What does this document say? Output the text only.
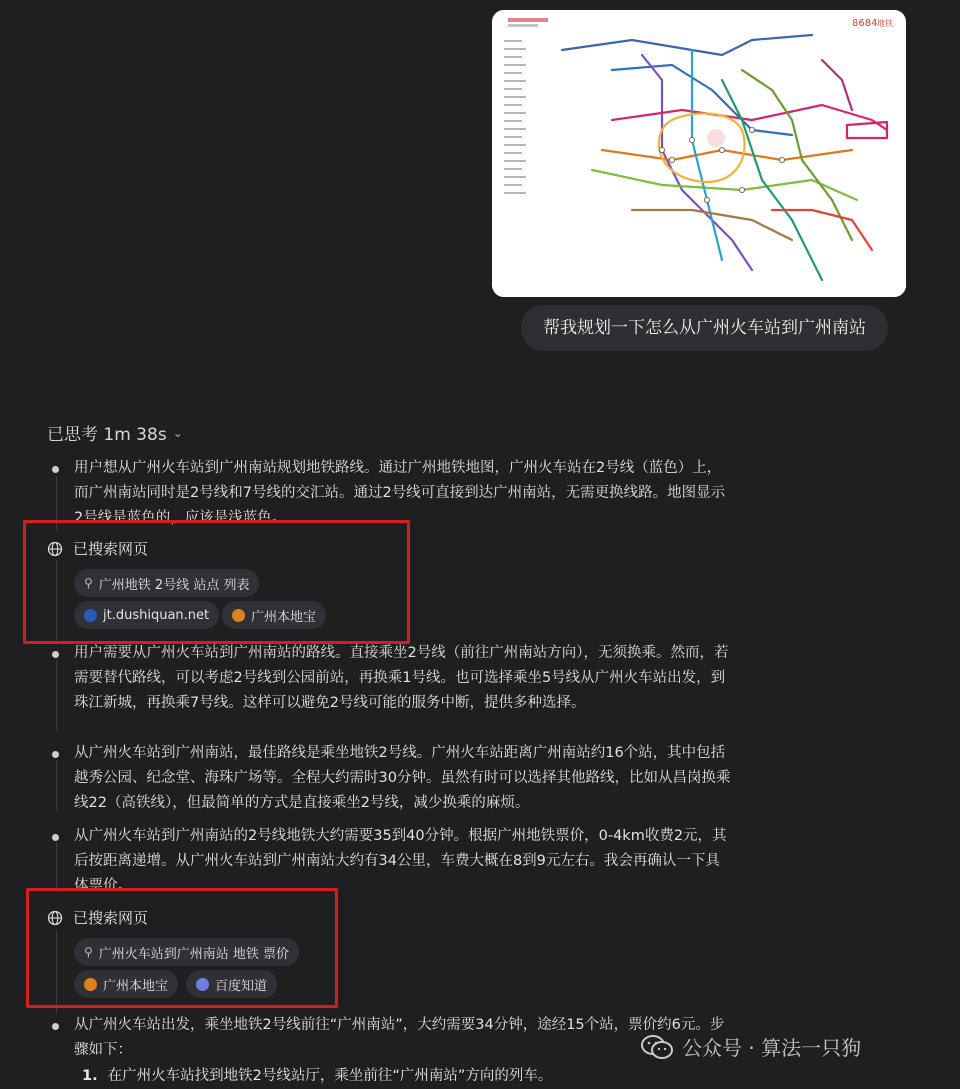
8684 地铁
帮我规划一下怎么从广州火车站到广州南站
已思考 1m 38s ⌄
用户想从广州火车站到广州南站规划地铁路线。通过广州地铁地图，广州火车站在2号线（蓝色）上，而广州南站同时是2号线和7号线的交汇站。通过2号线可直接到达广州南站，无需更换线路。地图显示2号线是蓝色的，应该是浅蓝色。
已搜索网页
⚲ 广州地铁 2号线 站点 列表
jt.dushiquan.net	广州本地宝
用户需要从广州火车站到广州南站的路线。直接乘坐2号线（前往广州南站方向），无须换乘。然而，若需要替代路线，可以考虑2号线到公园前站，再换乘1号线。也可选择乘坐5号线从广州火车站出发，到珠江新城，再换乘7号线。这样可以避免2号线可能的服务中断，提供多种选择。
从广州火车站到广州南站，最佳路线是乘坐地铁2号线。广州火车站距离广州南站约16个站，其中包括越秀公园、纪念堂、海珠广场等。全程大约需时30分钟。虽然有时可以选择其他路线，比如从昌岗换乘线22（高铁线），但最简单的方式是直接乘坐2号线，减少换乘的麻烦。
从广州火车站到广州南站的2号线地铁大约需要35到40分钟。根据广州地铁票价，0-4km收费2元，其后按距离递增。从广州火车站到广州南站大约有34公里，车费大概在8到9元左右。我会再确认一下具体票价。
已搜索网页
⚲ 广州火车站到广州南站 地铁 票价
广州本地宝	百度知道
从广州火车站出发，乘坐地铁2号线前往“广州南站”，大约需要34分钟，途经15个站，票价约6元。步骤如下：
1. 在广州火车站找到地铁2号线站厅，乘坐前往“广州南站”方向的列车。
公众号 · 算法一只狗
